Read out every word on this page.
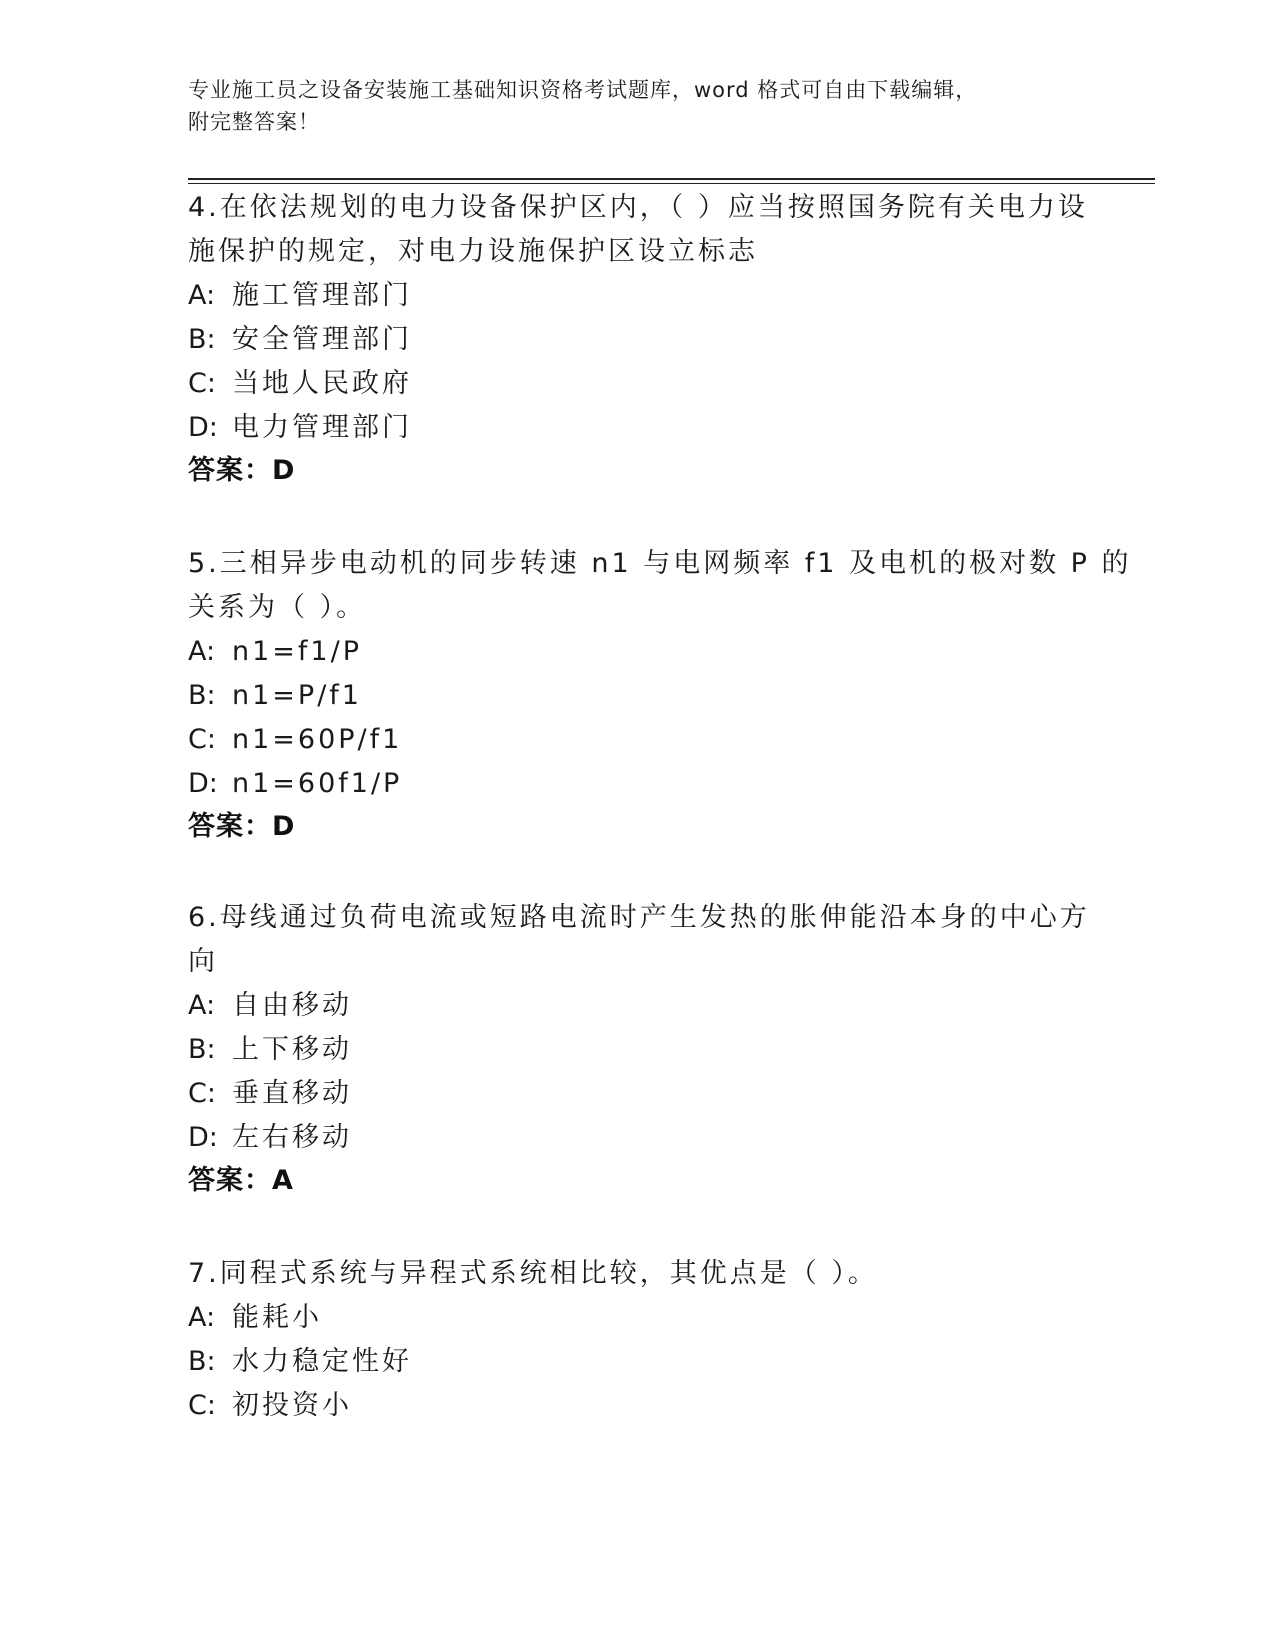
专业施工员之设备安装施工基础知识资格考试题库，word 格式可自由下载编辑，
附完整答案！
4.在依法规划的电力设备保护区内，（ ）应当按照国务院有关电力设
施保护的规定，对电力设施保护区设立标志
A: 施工管理部门
B: 安全管理部门
C: 当地人民政府
D: 电力管理部门
答案：D
5.三相异步电动机的同步转速 n1 与电网频率 f1 及电机的极对数 P 的
关系为（ ）。
A: n1=f1/P
B: n1=P/f1
C: n1=60P/f1
D: n1=60f1/P
答案：D
6.母线通过负荷电流或短路电流时产生发热的胀伸能沿本身的中心方
向
A: 自由移动
B: 上下移动
C: 垂直移动
D: 左右移动
答案：A
7.同程式系统与异程式系统相比较，其优点是（ ）。
A: 能耗小
B: 水力稳定性好
C: 初投资小
